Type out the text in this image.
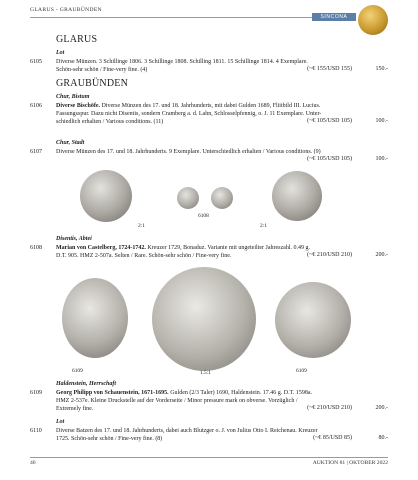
GLARUS - GRAUBÜNDEN
SINCONA
GLARUS
Lot
6105 Diverse Münzen. 3 Schillinge 1806. 3 Schillinge 1808. Schilling 1811. 15 Schillinge 1814. 4 Exemplare.
Schön-sehr schön / Fine-very fine. (4)	(~€ 155/USD 155)	150.-
GRAUBÜNDEN
Chur, Bistum
6106 Diverse Bischöfe. Diverse Münzen des 17. und 18. Jahrhunderts, mit dabei Gulden 1689, Fliitbild III. Lucius.
Fassungsspur. Dazu nicht Disentis, sondern Cramberg a. d. Lahn, Schlosselpfennig, o. J. 11 Exemplare. Unter-
schiedlich erhalten / Various conditions. (11)	(~€ 105/USD 105)	100.-
Chur, Stadt
6107 Diverse Münzen des 17. und 18. Jahrhunderts. 9 Exemplare. Unterschiedlich erhalten / Various conditions. (9)
(~€ 105/USD 105)	100.-
2:1
6108
2:1
Disentis, Abtei
6108 Marian von Castelberg, 1724-1742. Kreuzer 1729, Bonaduz. Variante mit ungeteilter Jahreszahl. 0.49 g.
D.T. 905. HMZ 2-507a. Selten / Rare. Schön-sehr schön / Fine-very fine.	(~€ 210/USD 210)	200.-
6109	1.5:1	6109
Haldenstein, Herrschaft
6109 Georg Philipp von Schauenstein, 1671-1695. Gulden (2/3 Taler) 1690, Haldenstein. 17.46 g. D.T. 1598a.
HMZ 2-537e. Kleine Druckstelle auf der Vorderseite / Minor pressure mark on obverse. Vorzüglich /
Extremely fine.	(~€ 210/USD 210)	200.-
Lot
6110 Diverse Batzen des 17. und 18. Jahrhunderts, dabei auch Blutzger o. J. von Julius Otto I. Reichenau. Kreuzer
1725. Schön-sehr schön / Fine-very fine. (8)	(~€ 85/USD 85)	80.-
46	AUKTION 81 | OKTOBER 2022
